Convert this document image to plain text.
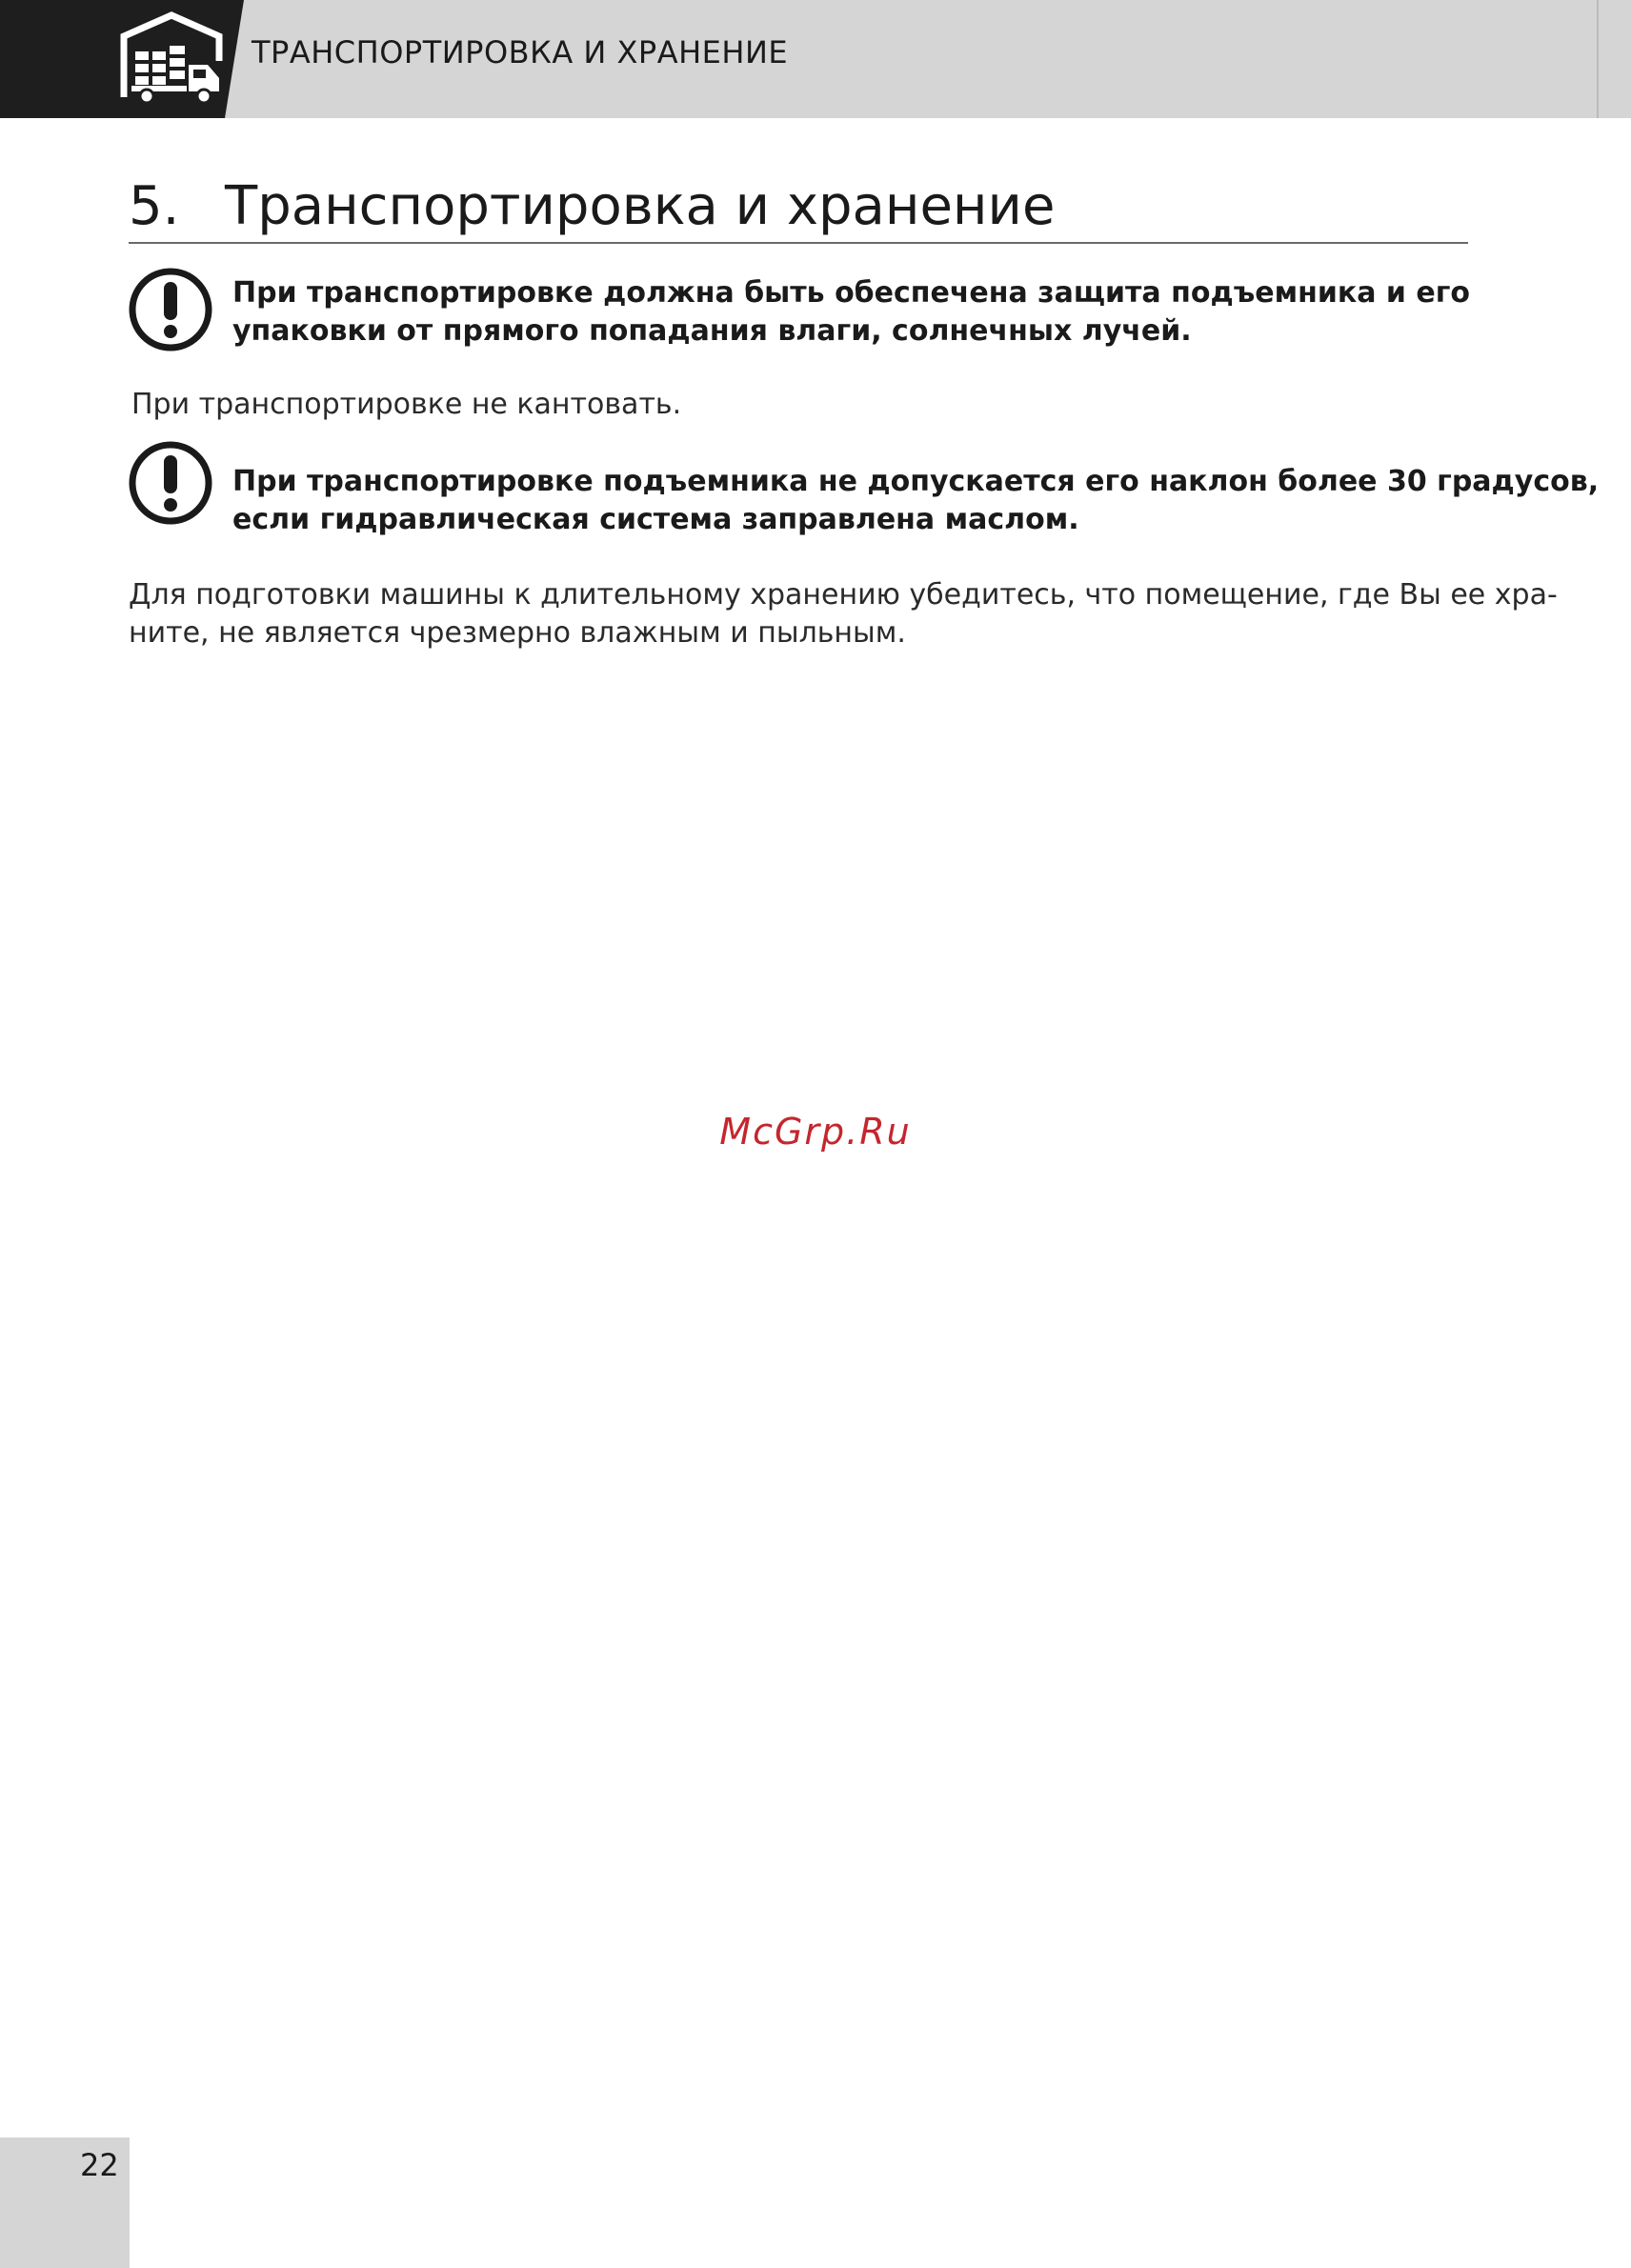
ТРАНСПОРТИРОВКА И ХРАНЕНИЕ
5. Транспортировка и хранение
При транспортировке должна быть обеспечена защита подъемника и его
упаковки от прямого попадания влаги, солнечных лучей.
При транспортировке не кантовать.
При транспортировке подъемника не допускается его наклон более 30 градусов,
если гидравлическая система заправлена маслом.
Для подготовки машины к длительному хранению убедитесь, что помещение, где Вы ее хра-
ните, не является чрезмерно влажным и пыльным.
McGrp.Ru
22
